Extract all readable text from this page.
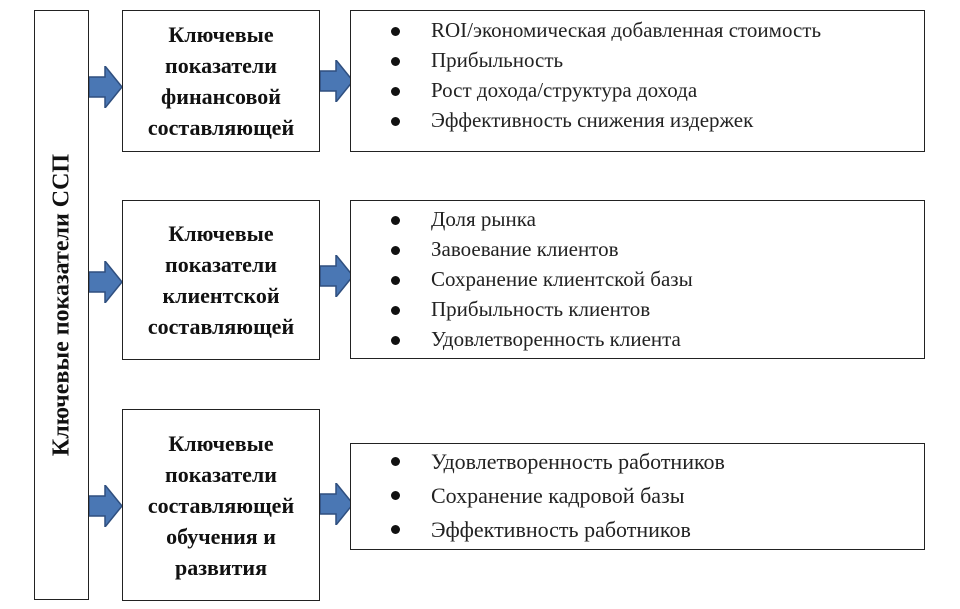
Ключевые показатели ССП
Ключевые
показатели
финансовой
составляющей
Ключевые
показатели
клиентской
составляющей
Ключевые
показатели
составляющей
обучения и
развития
ROI/экономическая добавленная стоимость
Прибыльность
Рост дохода/структура дохода
Эффективность снижения издержек
Доля рынка
Завоевание клиентов
Сохранение клиентской базы
Прибыльность клиентов
Удовлетворенность клиента
Удовлетворенность работников
Сохранение кадровой базы
Эффективность работников
